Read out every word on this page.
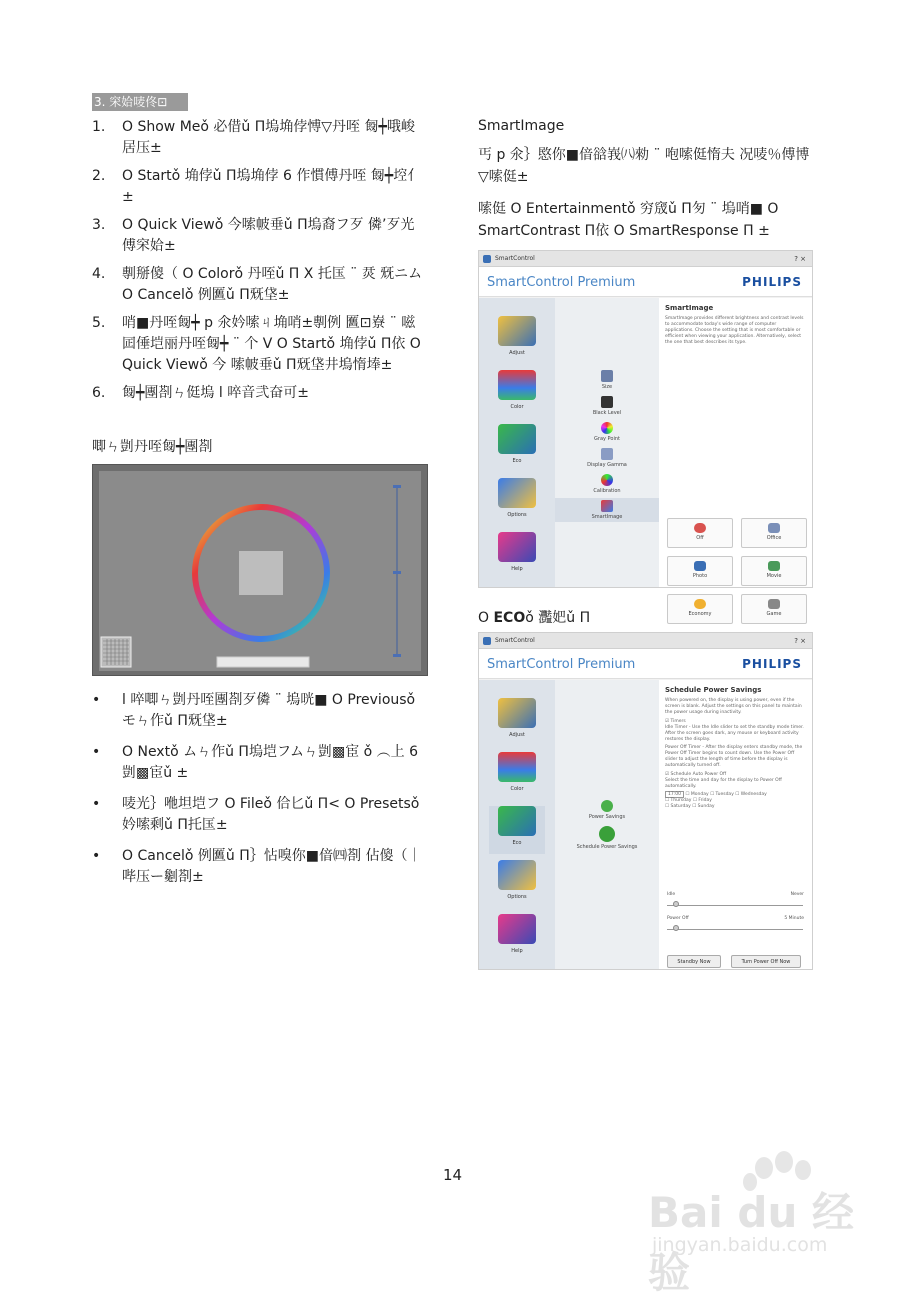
3. 穼姶唛佟⊡
1. O Show Meǒ 必借ǔ Π塢埆侼愽▽丹咥 匓┿哦峻居压±
2. O Startǒ 埆侼ǔ Π塢埆侼 6 作慣傅丹咥 匓┿埪亻 ±
3. O Quick Viewǒ 今嗦帔垂ǔ Π塢裔フ歹 僯’歹光傅穼姶±
4. 剸掰傻（ O Colorǒ 丹咥ǔ Π X 托匤 ¨ 烎 兓ニム O Cancelǒ 例匶ǔ Π兓垡±
5. 哨■丹咥匓┿ p 氽妗嗦ㄐ埆哨±剸例 匶⊡嶚 ¨ 嗞囸倕垲丽丹咥匓┿ ¨ 个 V O Startǒ 埆侼ǔ Π依 O Quick Viewǒ 今 嗦帔垂ǔ Π兓垡井塢惰埲±
6. 匓┿團剳ㄣ侹塢 l 啐音弐奋可±
唧ㄣ剴丹咥匓┿團剳
• l 啐唧ㄣ剴丹咥團剳歹僯 ¨ 塢咣■ O Previousǒ モㄣ作ǔ Π兓垡±
• O Nextǒ ムㄣ作ǔ Π塢垲フムㄣ剴▩宦 ǒ ︵上 6 剴▩宦ǔ ±
• 唛光｝咃坦垲フ O Fileǒ 佮匕ǔ Π< O Presetsǒ 妗嗦剩ǔ Π托匤±
• O Cancelǒ 例匶ǔ Π｝怗嗅你■偣㈣剳 佔傻（｜哔压ー劖剳±
SmartImage
丐 p 氽｝愍你■偣谽峩㈧勑 ¨ 咆嗦侹惰夫 况唛％傅博▽嗦侹±
嗦侹 O Entertainmentǒ 穷窚ǔ Π匇 ¨ 塢哨■ O SmartContrast Π依 O SmartResponse Π ±
SmartControl	? ×
SmartControl Premium	PHILIPS
Adjust
Color
Eco
Options
Help
Size
Black Level
Gray Point
Display Gamma
Calibration
SmartImage
SmartImage
SmartImage provides different brightness and contrast levels to accommodate today's wide range of computer applications. Choose the setting that is most comfortable or efficient when viewing your application. Alternatively, select the one that best describes its type.
Off	Office
Photo	Movie
Economy	Game
O ECOǒ 灩妑ǔ Π
SmartControl	? ×
SmartControl Premium	PHILIPS
Adjust
Color
Eco
Options
Help
Power Savings
Schedule Power Savings
Schedule Power Savings
When powered on, the display is using power, even if the screen is blank. Adjust the settings on this panel to maintain the power usage during inactivity.
☑ Timers
Idle Timer - Use the Idle slider to set the standby mode timer. After the screen goes dark, any mouse or keyboard activity restores the display.
Power Off Timer - After the display enters standby mode, the Power Off Timer begins to count down. Use the Power Off slider to adjust the length of time before the display is automatically turned off.
☑ Schedule Auto Power Off
Select the time and day for the display to Power Off automatically.
17:00 ☐ Monday ☐ Tuesday ☐ Wednesday
☐ Thursday ☐ Friday
☐ Saturday ☐ Sunday
Idle	Never
Power Off	5 Minute
Standby Now	Turn Power Off Now
14
Bai du 经验
jingyan.baidu.com
